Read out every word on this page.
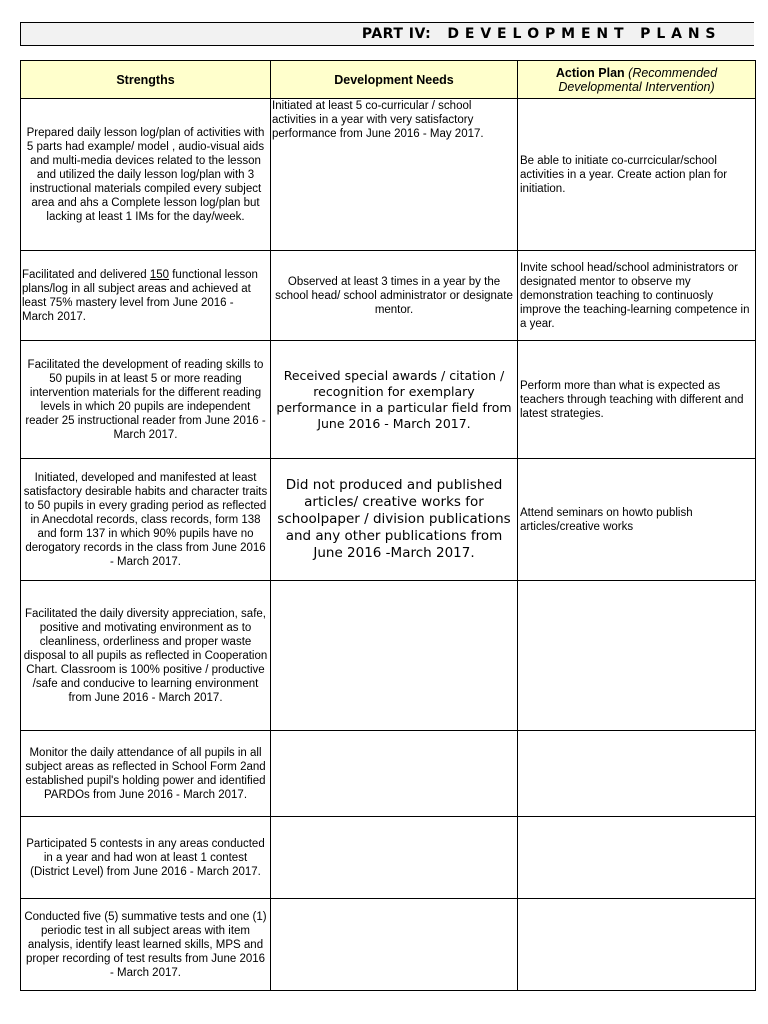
PART IV:   D E V E L O P M E N T   P L A N S
Strengths	Development Needs	Action Plan (Recommended Developmental Intervention)
Prepared daily lesson log/plan of activities with 5 parts had example/ model , audio-visual aids and multi-media devices related to the lesson and utilized the daily lesson log/plan with 3 instructional materials compiled every subject area and ahs a Complete lesson log/plan but lacking at least 1 IMs for the day/week.	Initiated at least 5 co-curricular / school activities in a year with very satisfactory performance from June 2016 - May 2017.	Be able to initiate co-currcicular/school activities in a year. Create action plan for initiation.
Facilitated and delivered 150 functional lesson plans/log in all subject areas and achieved at least 75% mastery level from June 2016 - March 2017.	Observed at least 3 times in a year by the school head/ school administrator or designate mentor.	Invite school head/school administrators or designated mentor to observe my demonstration teaching to continuosly improve the teaching-learning competence in a year.
Facilitated the development of reading skills to 50 pupils in at least 5 or more reading intervention materials for the different reading levels in which 20 pupils are independent reader 25 instructional reader from June 2016 - March 2017.	Received special awards / citation / recognition for exemplary performance in a particular field from June 2016 - March 2017.	Perform more than what is expected as teachers through teaching with different and latest strategies.
Initiated, developed and manifested at least satisfactory desirable habits and character traits to 50 pupils in every grading period as reflected in Anecdotal records, class records, form 138 and form 137 in which 90% pupils have no derogatory records in the class from June 2016 - March 2017.	Did not produced and published articles/ creative works for schoolpaper / division publications and any other publications from June 2016 -March 2017.	Attend seminars on howto publish articles/creative works
Facilitated the daily diversity appreciation, safe, positive and motivating environment as to cleanliness, orderliness and proper waste disposal to all pupils as reflected in Cooperation Chart. Classroom is 100% positive / productive /safe and conducive to learning environment from June 2016 - March 2017.		
Monitor the daily attendance of all pupils in all subject areas as reflected in School Form 2and established pupil's holding power and identified PARDOs from June 2016 - March 2017.		
Participated 5 contests in any areas conducted in a year and had won at least 1 contest (District Level) from June 2016 - March 2017.		
Conducted five (5) summative tests and one (1) periodic test in all subject areas with item analysis, identify least learned skills, MPS and proper recording of test results from June 2016 - March 2017.		
